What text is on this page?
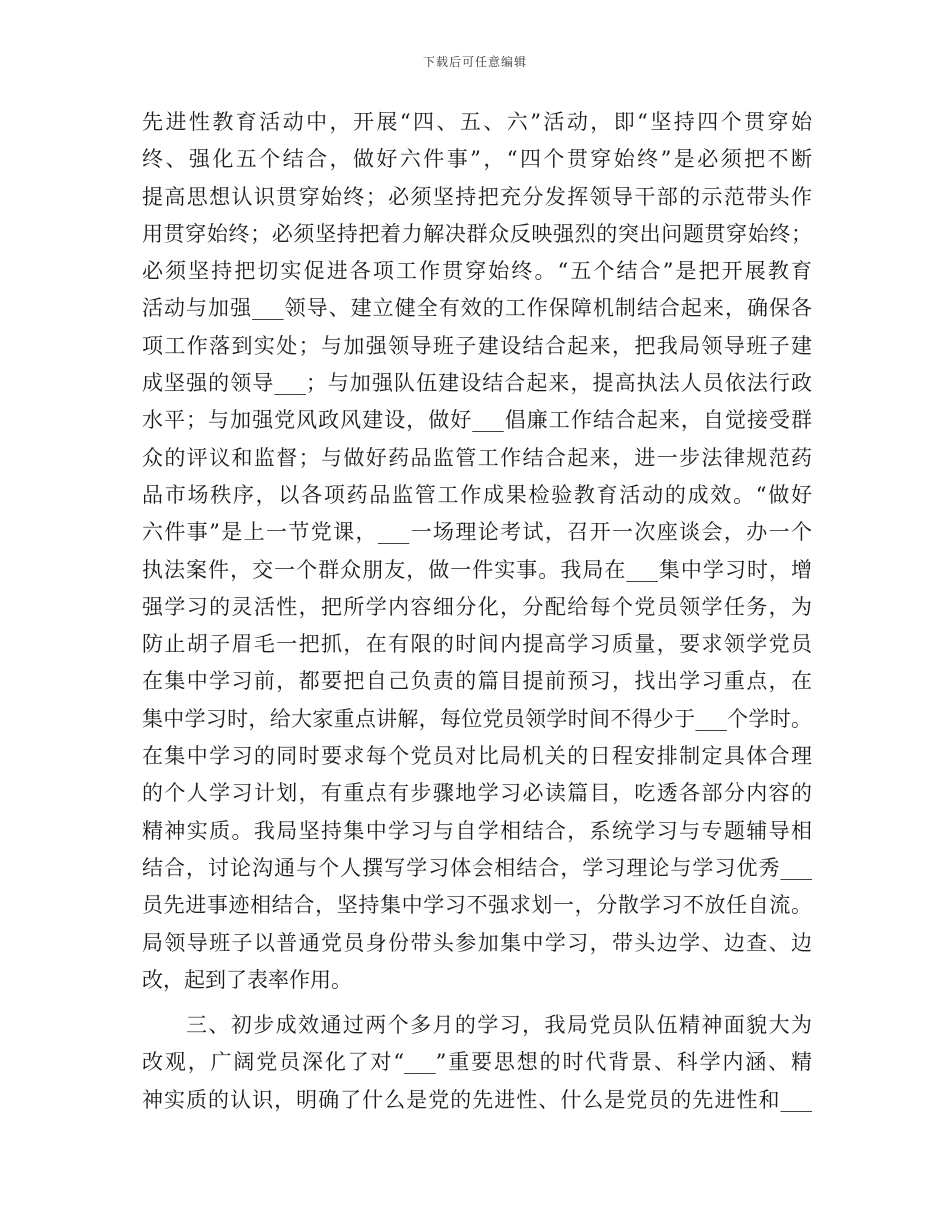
下载后可任意编辑
先进性教育活动中，开展“四、五、六”活动，即“坚持四个贯穿始
终、强化五个结合，做好六件事”，“四个贯穿始终”是必须把不断
提高思想认识贯穿始终；必须坚持把充分发挥领导干部的示范带头作
用贯穿始终；必须坚持把着力解决群众反映强烈的突出问题贯穿始终；
必须坚持把切实促进各项工作贯穿始终。“五个结合”是把开展教育
活动与加强___领导、建立健全有效的工作保障机制结合起来，确保各
项工作落到实处；与加强领导班子建设结合起来，把我局领导班子建
成坚强的领导___；与加强队伍建设结合起来，提高执法人员依法行政
水平；与加强党风政风建设，做好___倡廉工作结合起来，自觉接受群
众的评议和监督；与做好药品监管工作结合起来，进一步法律规范药
品市场秩序，以各项药品监管工作成果检验教育活动的成效。“做好
六件事”是上一节党课，___一场理论考试，召开一次座谈会，办一个
执法案件，交一个群众朋友，做一件实事。我局在___集中学习时，增
强学习的灵活性，把所学内容细分化，分配给每个党员领学任务，为
防止胡子眉毛一把抓，在有限的时间内提高学习质量，要求领学党员
在集中学习前，都要把自己负责的篇目提前预习，找出学习重点，在
集中学习时，给大家重点讲解，每位党员领学时间不得少于___个学时。
在集中学习的同时要求每个党员对比局机关的日程安排制定具体合理
的个人学习计划，有重点有步骤地学习必读篇目，吃透各部分内容的
精神实质。我局坚持集中学习与自学相结合，系统学习与专题辅导相
结合，讨论沟通与个人撰写学习体会相结合，学习理论与学习优秀___
员先进事迹相结合，坚持集中学习不强求划一，分散学习不放任自流。
局领导班子以普通党员身份带头参加集中学习，带头边学、边查、边
改，起到了表率作用。
三、初步成效通过两个多月的学习，我局党员队伍精神面貌大为
改观，广阔党员深化了对“___”重要思想的时代背景、科学内涵、精
神实质的认识，明确了什么是党的先进性、什么是党员的先进性和___
